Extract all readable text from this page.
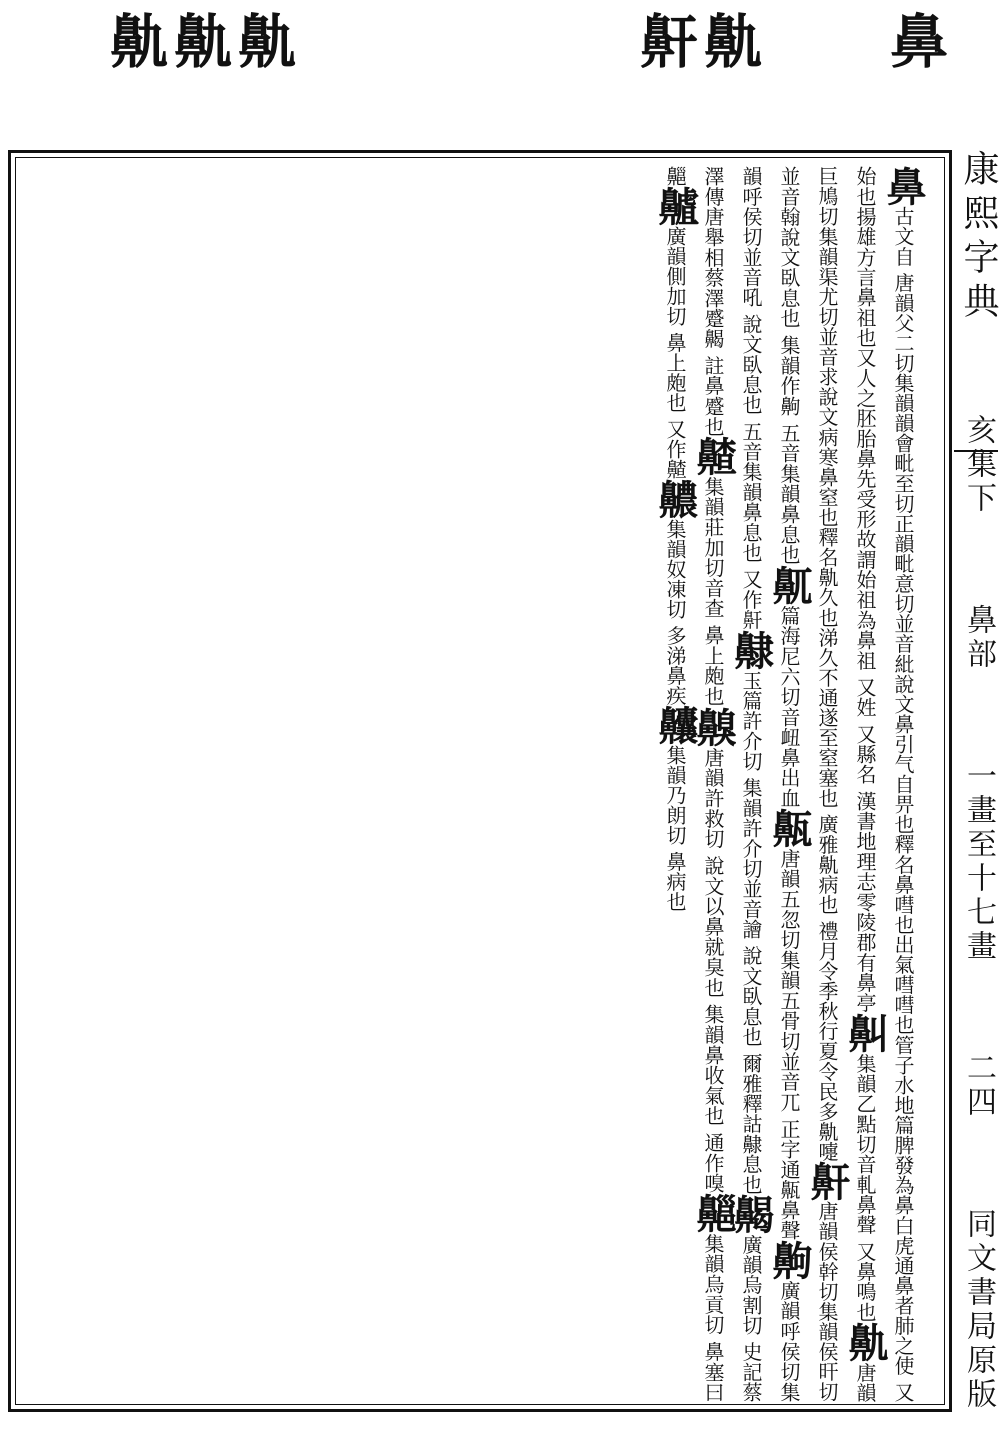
鼽鼽鼽	鼾鼽 鼻
鼻古文自 唐韻父二切集韻韻會毗至切正韻毗意切並音紕說文鼻引气自畀也釋名鼻嘒也出氣嘒嘒也管子水地篇脾發為鼻白虎通鼻者肺之使 又始也揚雄方言鼻祖也又人之胚胎鼻先受形故謂始祖為鼻祖 又姓 又縣名 漢書地理志零陵郡有鼻亭鼼集韻乙點切音軋鼻聲 又鼻鳴也鼽唐韻巨鳩切集韻渠尤切並音求說文病寒鼻窒也釋名鼽久也涕久不通遂至窒塞也 廣雅鼽病也 禮月令季秋行夏令民多鼽嚏鼾唐韻侯幹切集韻侯旰切並音翰說文臥息也 集韻作齁 五音集韻鼻息也鼿篇海尼六切音衄鼻出血齀唐韻五忽切集韻五骨切並音兀 正字通齀鼻聲齁廣韻呼侯切集韻呼侯切並音吼 說文臥息也 五音集韻鼻息也 又作鼾齂玉篇許介切 集韻許介切並音譮 說文臥息也 爾雅釋詁齂息也齃廣韻烏割切 史記蔡澤傳唐舉相蔡澤蹙齃 註鼻蹙也齄集韻莊加切音查 鼻上皰也齅唐韻許救切 說文以鼻就臭也 集韻鼻收氣也 通作嗅齆集韻烏貢切 鼻塞曰齆齇廣韻側加切 鼻上皰也 又作齄齈集韻奴凍切 多涕鼻疾齉集韻乃朗切 鼻病也
康熙字典
亥集下
鼻部
一畫至十七畫
二四
同文書局原版
